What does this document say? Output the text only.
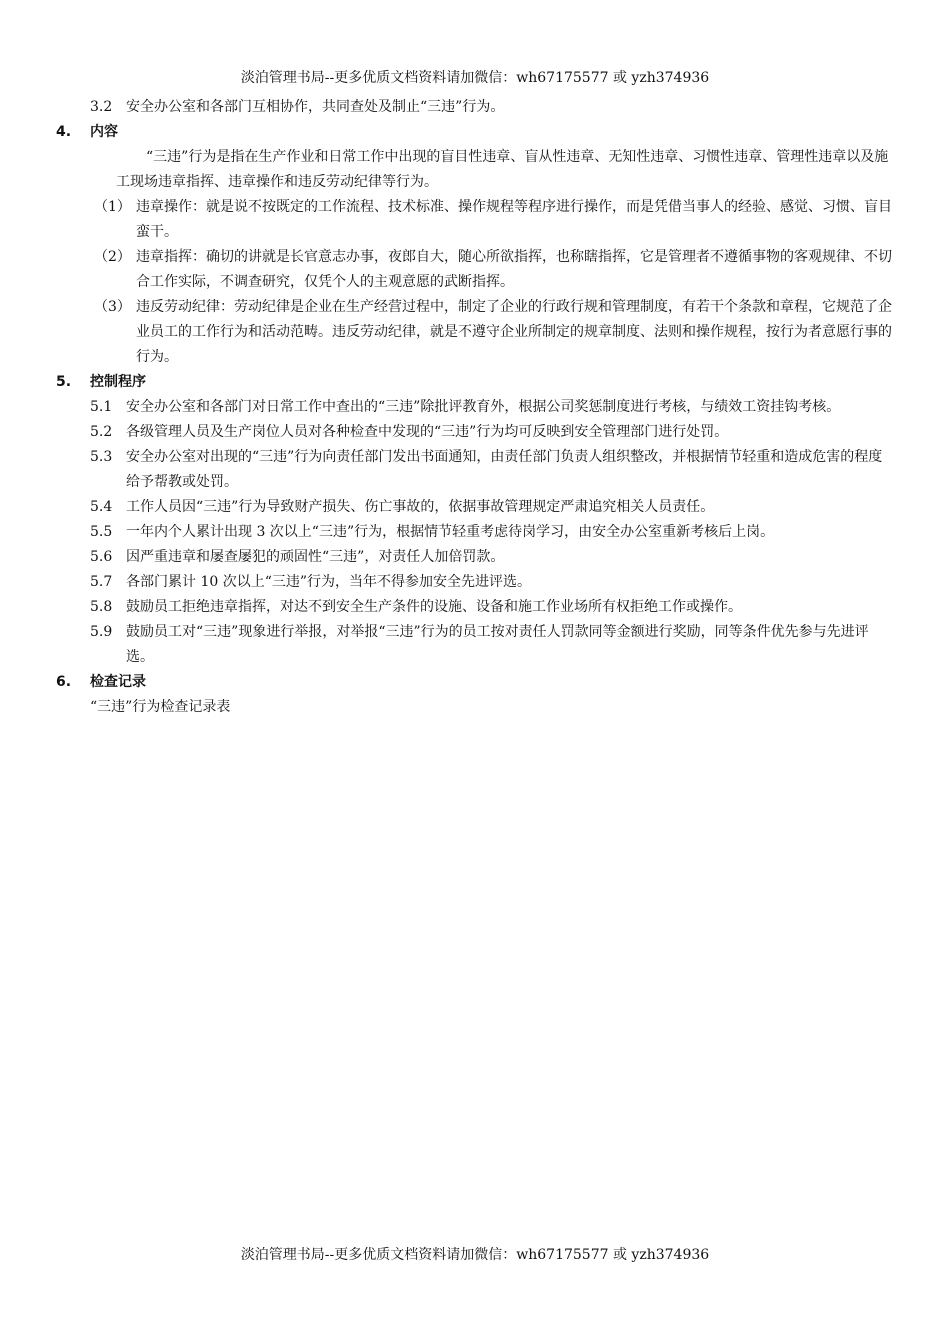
淡泊管理书局--更多优质文档资料请加微信：wh67175577 或 yzh374936
3.2 安全办公室和各部门互相协作，共同查处及制止“三违”行为。
4.	内容
“三违”行为是指在生产作业和日常工作中出现的盲目性违章、盲从性违章、无知性违章、习惯性违章、管理性违章以及施工现场违章指挥、违章操作和违反劳动纪律等行为。
（1） 违章操作：就是说不按既定的工作流程、技术标准、操作规程等程序进行操作，而是凭借当事人的经验、感觉、习惯、盲目蛮干。
（2） 违章指挥：确切的讲就是长官意志办事，夜郎自大，随心所欲指挥，也称瞎指挥，它是管理者不遵循事物的客观规律、不切合工作实际，不调查研究，仅凭个人的主观意愿的武断指挥。
（3） 违反劳动纪律：劳动纪律是企业在生产经营过程中，制定了企业的行政行规和管理制度，有若干个条款和章程，它规范了企业员工的工作行为和活动范畴。违反劳动纪律，就是不遵守企业所制定的规章制度、法则和操作规程，按行为者意愿行事的行为。
5.	控制程序
5.1 安全办公室和各部门对日常工作中查出的“三违”除批评教育外，根据公司奖惩制度进行考核，与绩效工资挂钩考核。
5.2 各级管理人员及生产岗位人员对各种检查中发现的“三违”行为均可反映到安全管理部门进行处罚。
5.3 安全办公室对出现的“三违”行为向责任部门发出书面通知，由责任部门负责人组织整改，并根据情节轻重和造成危害的程度给予帮教或处罚。
5.4 工作人员因“三违”行为导致财产损失、伤亡事故的，依据事故管理规定严肃追究相关人员责任。
5.5 一年内个人累计出现 3 次以上“三违”行为，根据情节轻重考虑待岗学习，由安全办公室重新考核后上岗。
5.6 因严重违章和屡查屡犯的顽固性“三违”，对责任人加倍罚款。
5.7 各部门累计 10 次以上“三违”行为，当年不得参加安全先进评选。
5.8 鼓励员工拒绝违章指挥，对达不到安全生产条件的设施、设备和施工作业场所有权拒绝工作或操作。
5.9 鼓励员工对“三违”现象进行举报，对举报“三违”行为的员工按对责任人罚款同等金额进行奖励，同等条件优先参与先进评选。
6.	检查记录
“三违”行为检查记录表
淡泊管理书局--更多优质文档资料请加微信：wh67175577 或 yzh374936
